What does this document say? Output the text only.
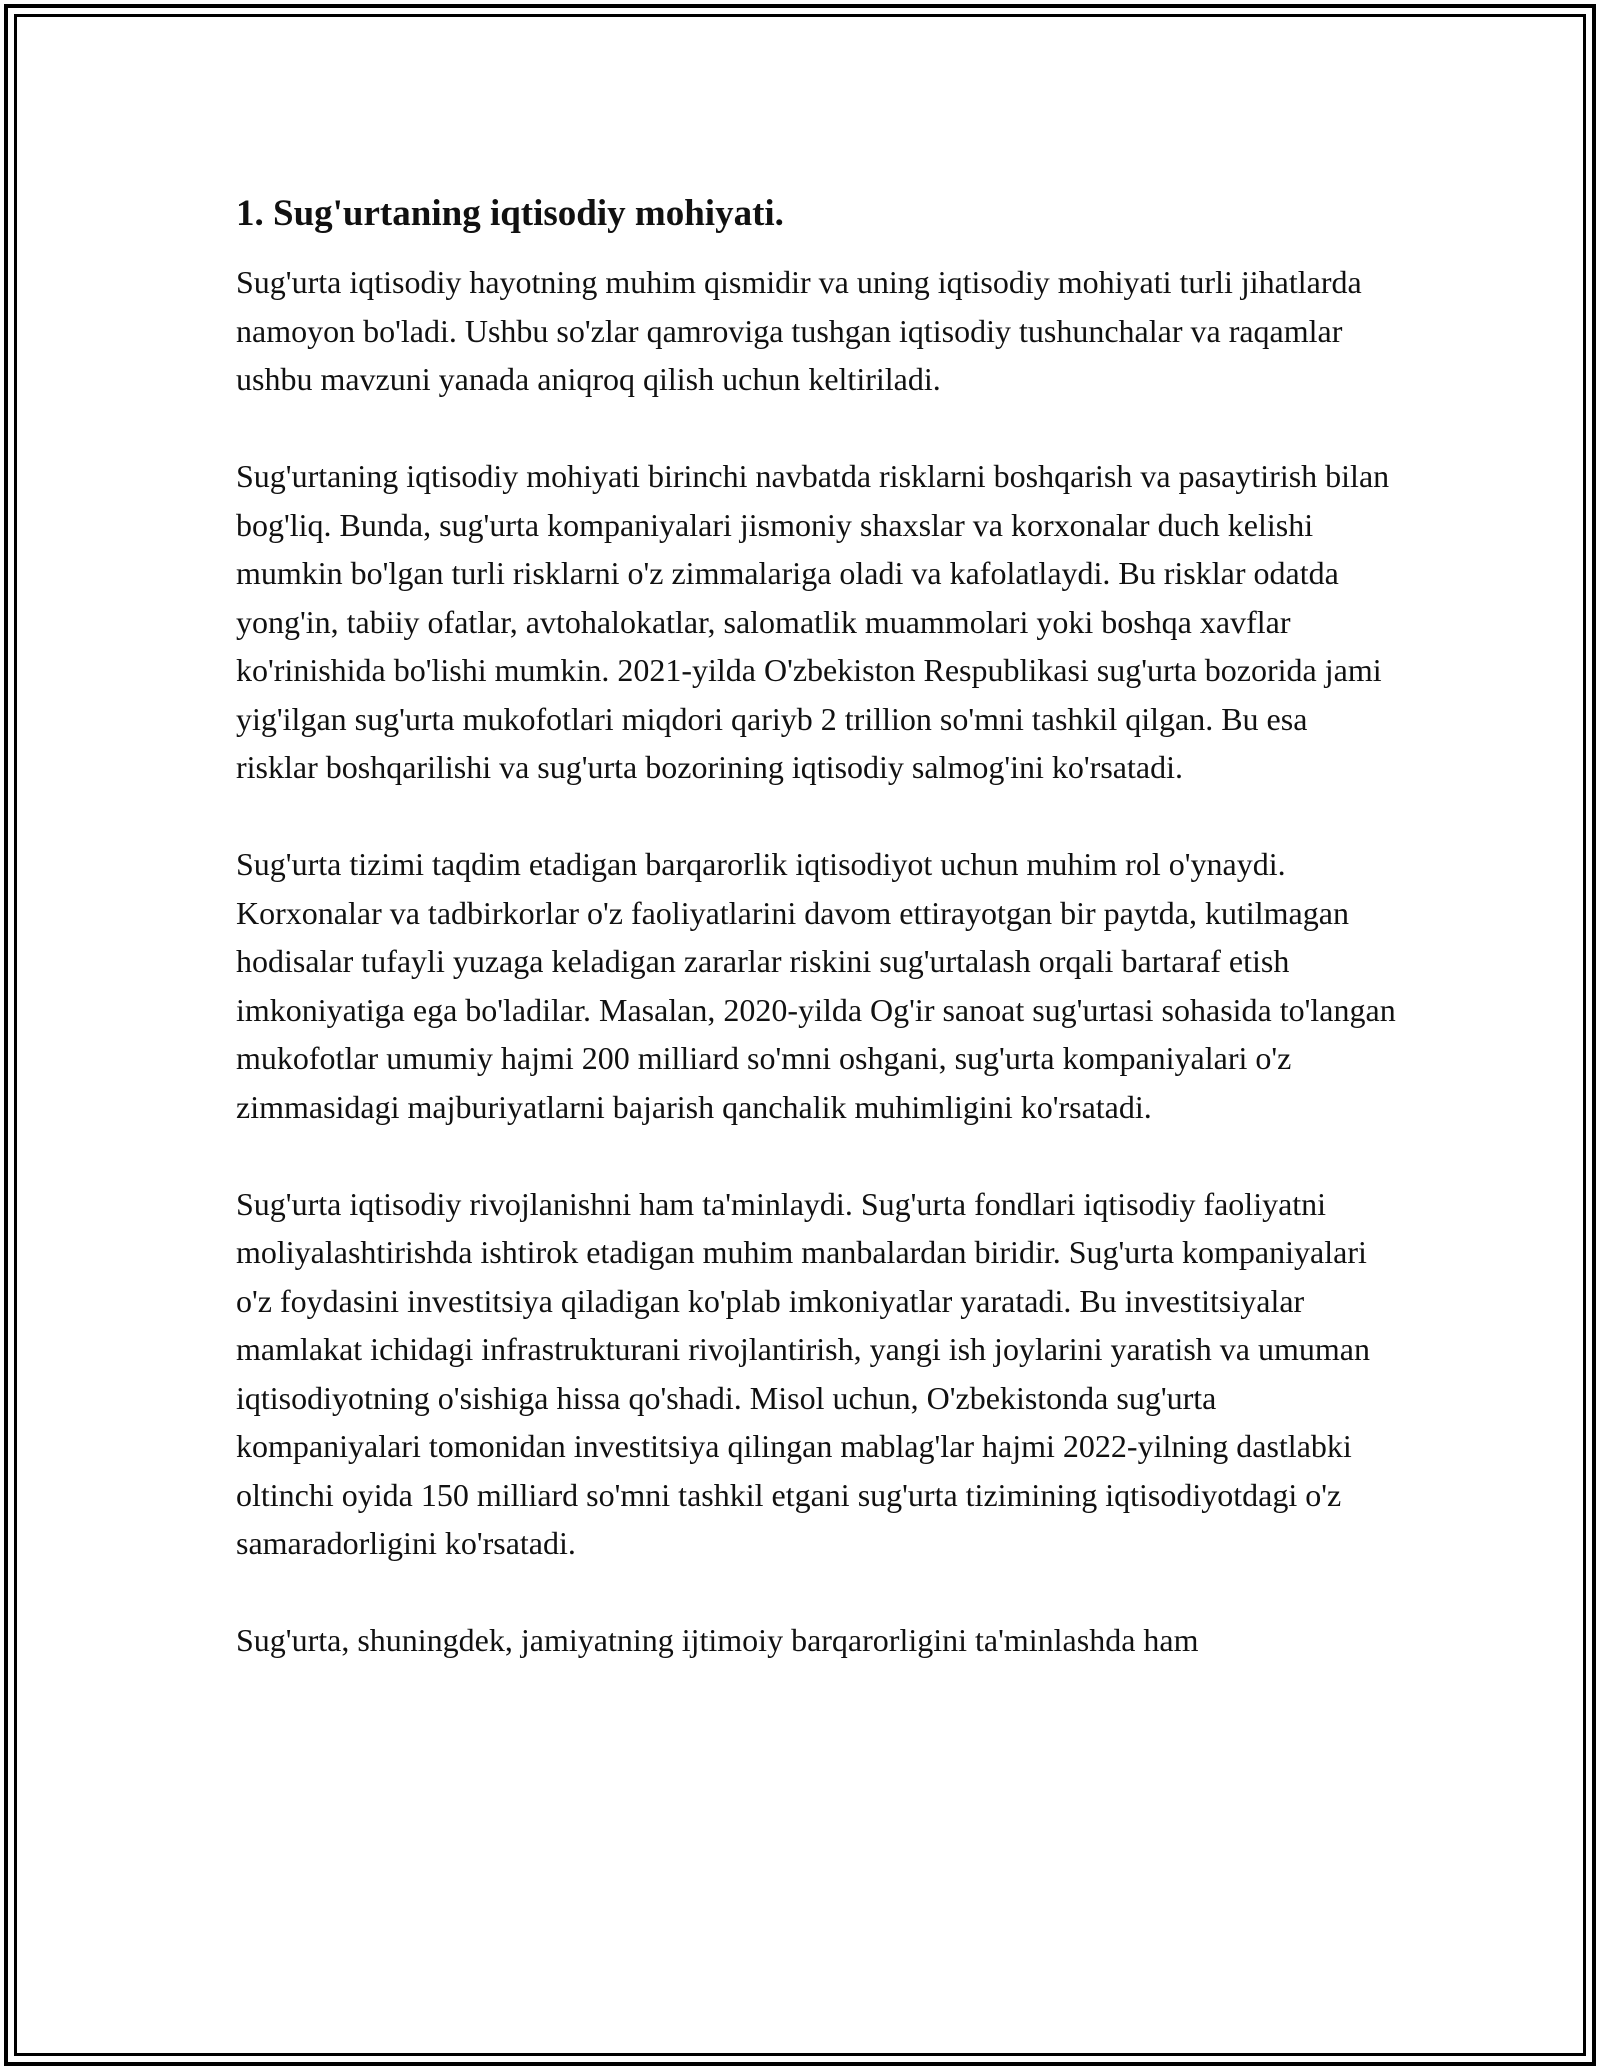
1. Sug'urtaning iqtisodiy mohiyati.

Sug'urta iqtisodiy hayotning muhim qismidir va uning iqtisodiy mohiyati turli jihatlarda namoyon bo'ladi. Ushbu so'zlar qamroviga tushgan iqtisodiy tushunchalar va raqamlar ushbu mavzuni yanada aniqroq qilish uchun keltiriladi.

Sug'urtaning iqtisodiy mohiyati birinchi navbatda risklarni boshqarish va pasaytirish bilan bog'liq. Bunda, sug'urta kompaniyalari jismoniy shaxslar va korxonalar duch kelishi mumkin bo'lgan turli risklarni o'z zimmalariga oladi va kafolatlaydi. Bu risklar odatda yong'in, tabiiy ofatlar, avtohalokatlar, salomatlik muammolari yoki boshqa xavflar ko'rinishida bo'lishi mumkin. 2021-yilda O'zbekiston Respublikasi sug'urta bozorida jami yig'ilgan sug'urta mukofotlari miqdori qariyb 2 trillion so'mni tashkil qilgan. Bu esa risklar boshqarilishi va sug'urta bozorining iqtisodiy salmog'ini ko'rsatadi.

Sug'urta tizimi taqdim etadigan barqarorlik iqtisodiyot uchun muhim rol o'ynaydi. Korxonalar va tadbirkorlar o'z faoliyatlarini davom ettirayotgan bir paytda, kutilmagan hodisalar tufayli yuzaga keladigan zararlar riskini sug'urtalash orqali bartaraf etish imkoniyatiga ega bo'ladilar. Masalan, 2020-yilda Og'ir sanoat sug'urtasi sohasida to'langan mukofotlar umumiy hajmi 200 milliard so'mni oshgani, sug'urta kompaniyalari o'z zimmasidagi majburiyatlarni bajarish qanchalik muhimligini ko'rsatadi.

Sug'urta iqtisodiy rivojlanishni ham ta'minlaydi. Sug'urta fondlari iqtisodiy faoliyatni moliyalashtirishda ishtirok etadigan muhim manbalardan biridir. Sug'urta kompaniyalari o'z foydasini investitsiya qiladigan ko'plab imkoniyatlar yaratadi. Bu investitsiyalar mamlakat ichidagi infrastrukturani rivojlantirish, yangi ish joylarini yaratish va umuman iqtisodiyotning o'sishiga hissa qo'shadi. Misol uchun, O'zbekistonda sug'urta kompaniyalari tomonidan investitsiya qilingan mablag'lar hajmi 2022-yilning dastlabki oltinchi oyida 150 milliard so'mni tashkil etgani sug'urta tizimining iqtisodiyotdagi o'z samaradorligini ko'rsatadi.

Sug'urta, shuningdek, jamiyatning ijtimoiy barqarorligini ta'minlashda ham
